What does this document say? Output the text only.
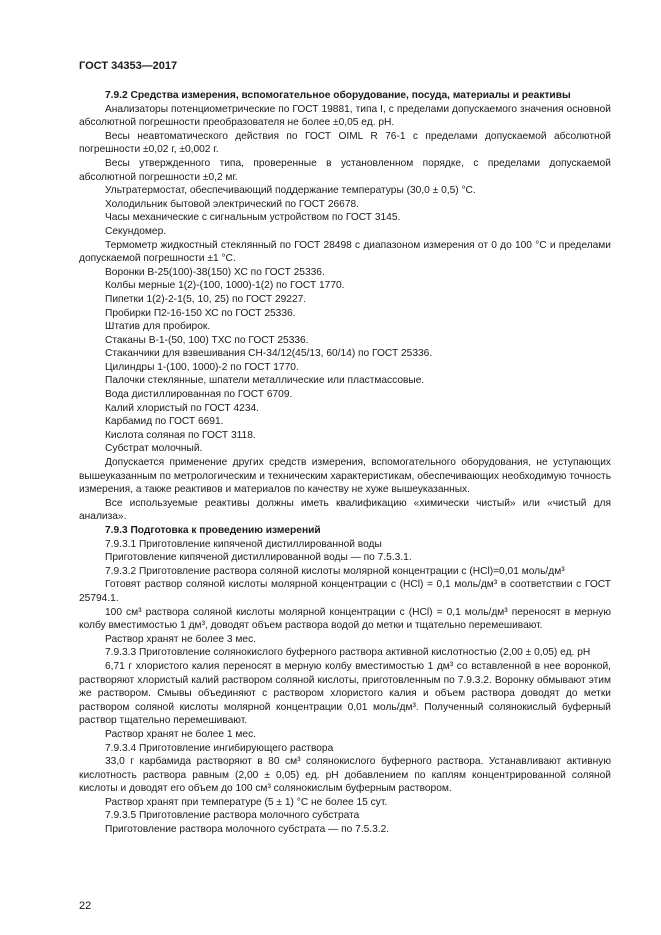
ГОСТ 34353—2017

7.9.2 Средства измерения, вспомогательное оборудование, посуда, материалы и реактивы

Анализаторы потенциометрические по ГОСТ 19881, типа I, с пределами допускаемого значения основной абсолютной погрешности преобразователя не более ±0,05 ед. pH.

Весы неавтоматического действия по ГОСТ OIML R 76-1 с пределами допускаемой абсолютной погрешности ±0,02 г, ±0,002 г.

Весы утвержденного типа, проверенные в установленном порядке, с пределами допускаемой абсолютной погрешности ±0,2 мг.

Ультратермостат, обеспечивающий поддержание температуры (30,0 ± 0,5) °С.

Холодильник бытовой электрический по ГОСТ 26678.

Часы механические с сигнальным устройством по ГОСТ 3145.

Секундомер.

Термометр жидкостный стеклянный по ГОСТ 28498 с диапазоном измерения от 0 до 100 °С и пределами допускаемой погрешности ±1 °С.

Воронки В-25(100)-38(150) ХС по ГОСТ 25336.

Колбы мерные 1(2)-(100, 1000)-1(2) по ГОСТ 1770.

Пипетки 1(2)-2-1(5, 10, 25) по ГОСТ 29227.

Пробирки П2-16-150 ХС по ГОСТ 25336.

Штатив для пробирок.

Стаканы В-1-(50, 100) ТХС по ГОСТ 25336.

Стаканчики для взвешивания СН-34/12(45/13, 60/14) по ГОСТ 25336.

Цилиндры 1-(100, 1000)-2 по ГОСТ 1770.

Палочки стеклянные, шпатели металлические или пластмассовые.

Вода дистиллированная по ГОСТ 6709.

Калий хлористый по ГОСТ 4234.

Карбамид по ГОСТ 6691.

Кислота соляная по ГОСТ 3118.

Субстрат молочный.

Допускается применение других средств измерения, вспомогательного оборудования, не уступающих вышеуказанным по метрологическим и техническим характеристикам, обеспечивающих необходимую точность измерения, а также реактивов и материалов по качеству не хуже вышеуказанных.

Все используемые реактивы должны иметь квалификацию «химически чистый» или «чистый для анализа».

7.9.3 Подготовка к проведению измерений

7.9.3.1 Приготовление кипяченой дистиллированной воды

Приготовление кипяченой дистиллированной воды — по 7.5.3.1.

7.9.3.2 Приготовление раствора соляной кислоты молярной концентрации с (HCl)=0,01 моль/дм³

Готовят раствор соляной кислоты молярной концентрации с (HCl) = 0,1 моль/дм³ в соответствии с ГОСТ 25794.1.

100 см³ раствора соляной кислоты молярной концентрации с (HCl) = 0,1 моль/дм³ переносят в мерную колбу вместимостью 1 дм³, доводят объем раствора водой до метки и тщательно перемешивают.

Раствор хранят не более 3 мес.

7.9.3.3 Приготовление солянокислого буферного раствора активной кислотностью (2,00 ± 0,05) ед. pH

6,71 г хлористого калия переносят в мерную колбу вместимостью 1 дм³ со вставленной в нее воронкой, растворяют хлористый калий раствором соляной кислоты, приготовленным по 7.9.3.2. Воронку обмывают этим же раствором. Смывы объединяют с раствором хлористого калия и объем раствора доводят до метки раствором соляной кислоты молярной концентрации 0,01 моль/дм³. Полученный солянокислый буферный раствор тщательно перемешивают.

Раствор хранят не более 1 мес.

7.9.3.4 Приготовление ингибирующего раствора

33,0 г карбамида растворяют в 80 см³ солянокислого буферного раствора. Устанавливают активную кислотность раствора равным (2,00 ± 0,05) ед. pH добавлением по каплям концентрированной соляной кислоты и доводят его объем до 100 см³ солянокислым буферным раствором.

Раствор хранят при температуре (5 ± 1) °С не более 15 сут.

7.9.3.5 Приготовление раствора молочного субстрата

Приготовление раствора молочного субстрата — по 7.5.3.2.

22
